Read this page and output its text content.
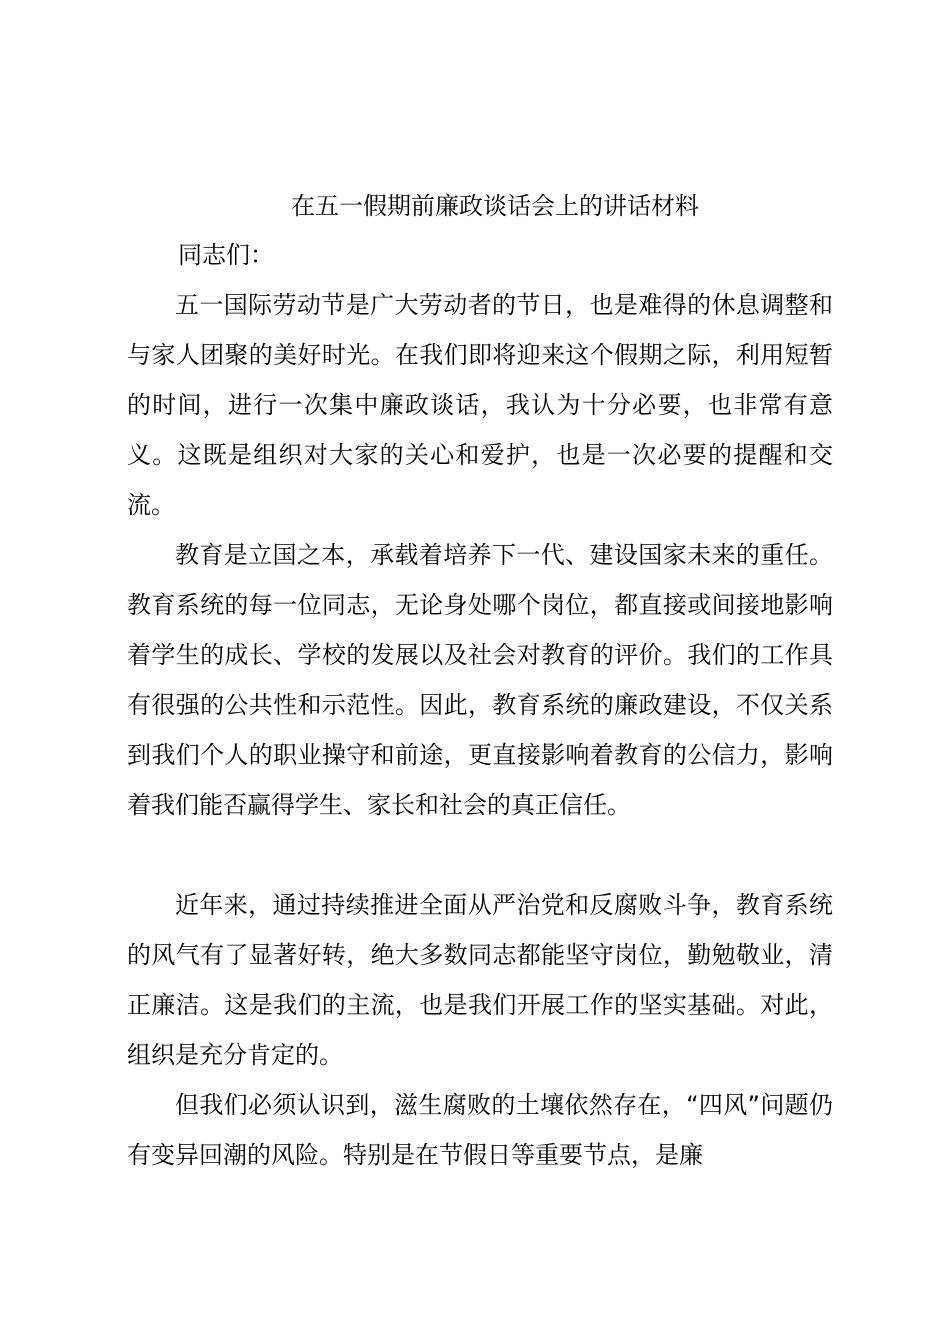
在五一假期前廉政谈话会上的讲话材料
同志们：

五一国际劳动节是广大劳动者的节日，也是难得的休息调整和与家人团聚的美好时光。在我们即将迎来这个假期之际，利用短暂的时间，进行一次集中廉政谈话，我认为十分必要，也非常有意义。这既是组织对大家的关心和爱护，也是一次必要的提醒和交流。

教育是立国之本，承载着培养下一代、建设国家未来的重任。教育系统的每一位同志，无论身处哪个岗位，都直接或间接地影响着学生的成长、学校的发展以及社会对教育的评价。我们的工作具有很强的公共性和示范性。因此，教育系统的廉政建设，不仅关系到我们个人的职业操守和前途，更直接影响着教育的公信力，影响着我们能否赢得学生、家长和社会的真正信任。

近年来，通过持续推进全面从严治党和反腐败斗争，教育系统的风气有了显著好转，绝大多数同志都能坚守岗位，勤勉敬业，清正廉洁。这是我们的主流，也是我们开展工作的坚实基础。对此，组织是充分肯定的。

但我们必须认识到，滋生腐败的土壤依然存在，“四风”问题仍有变异回潮的风险。特别是在节假日等重要节点，是廉
